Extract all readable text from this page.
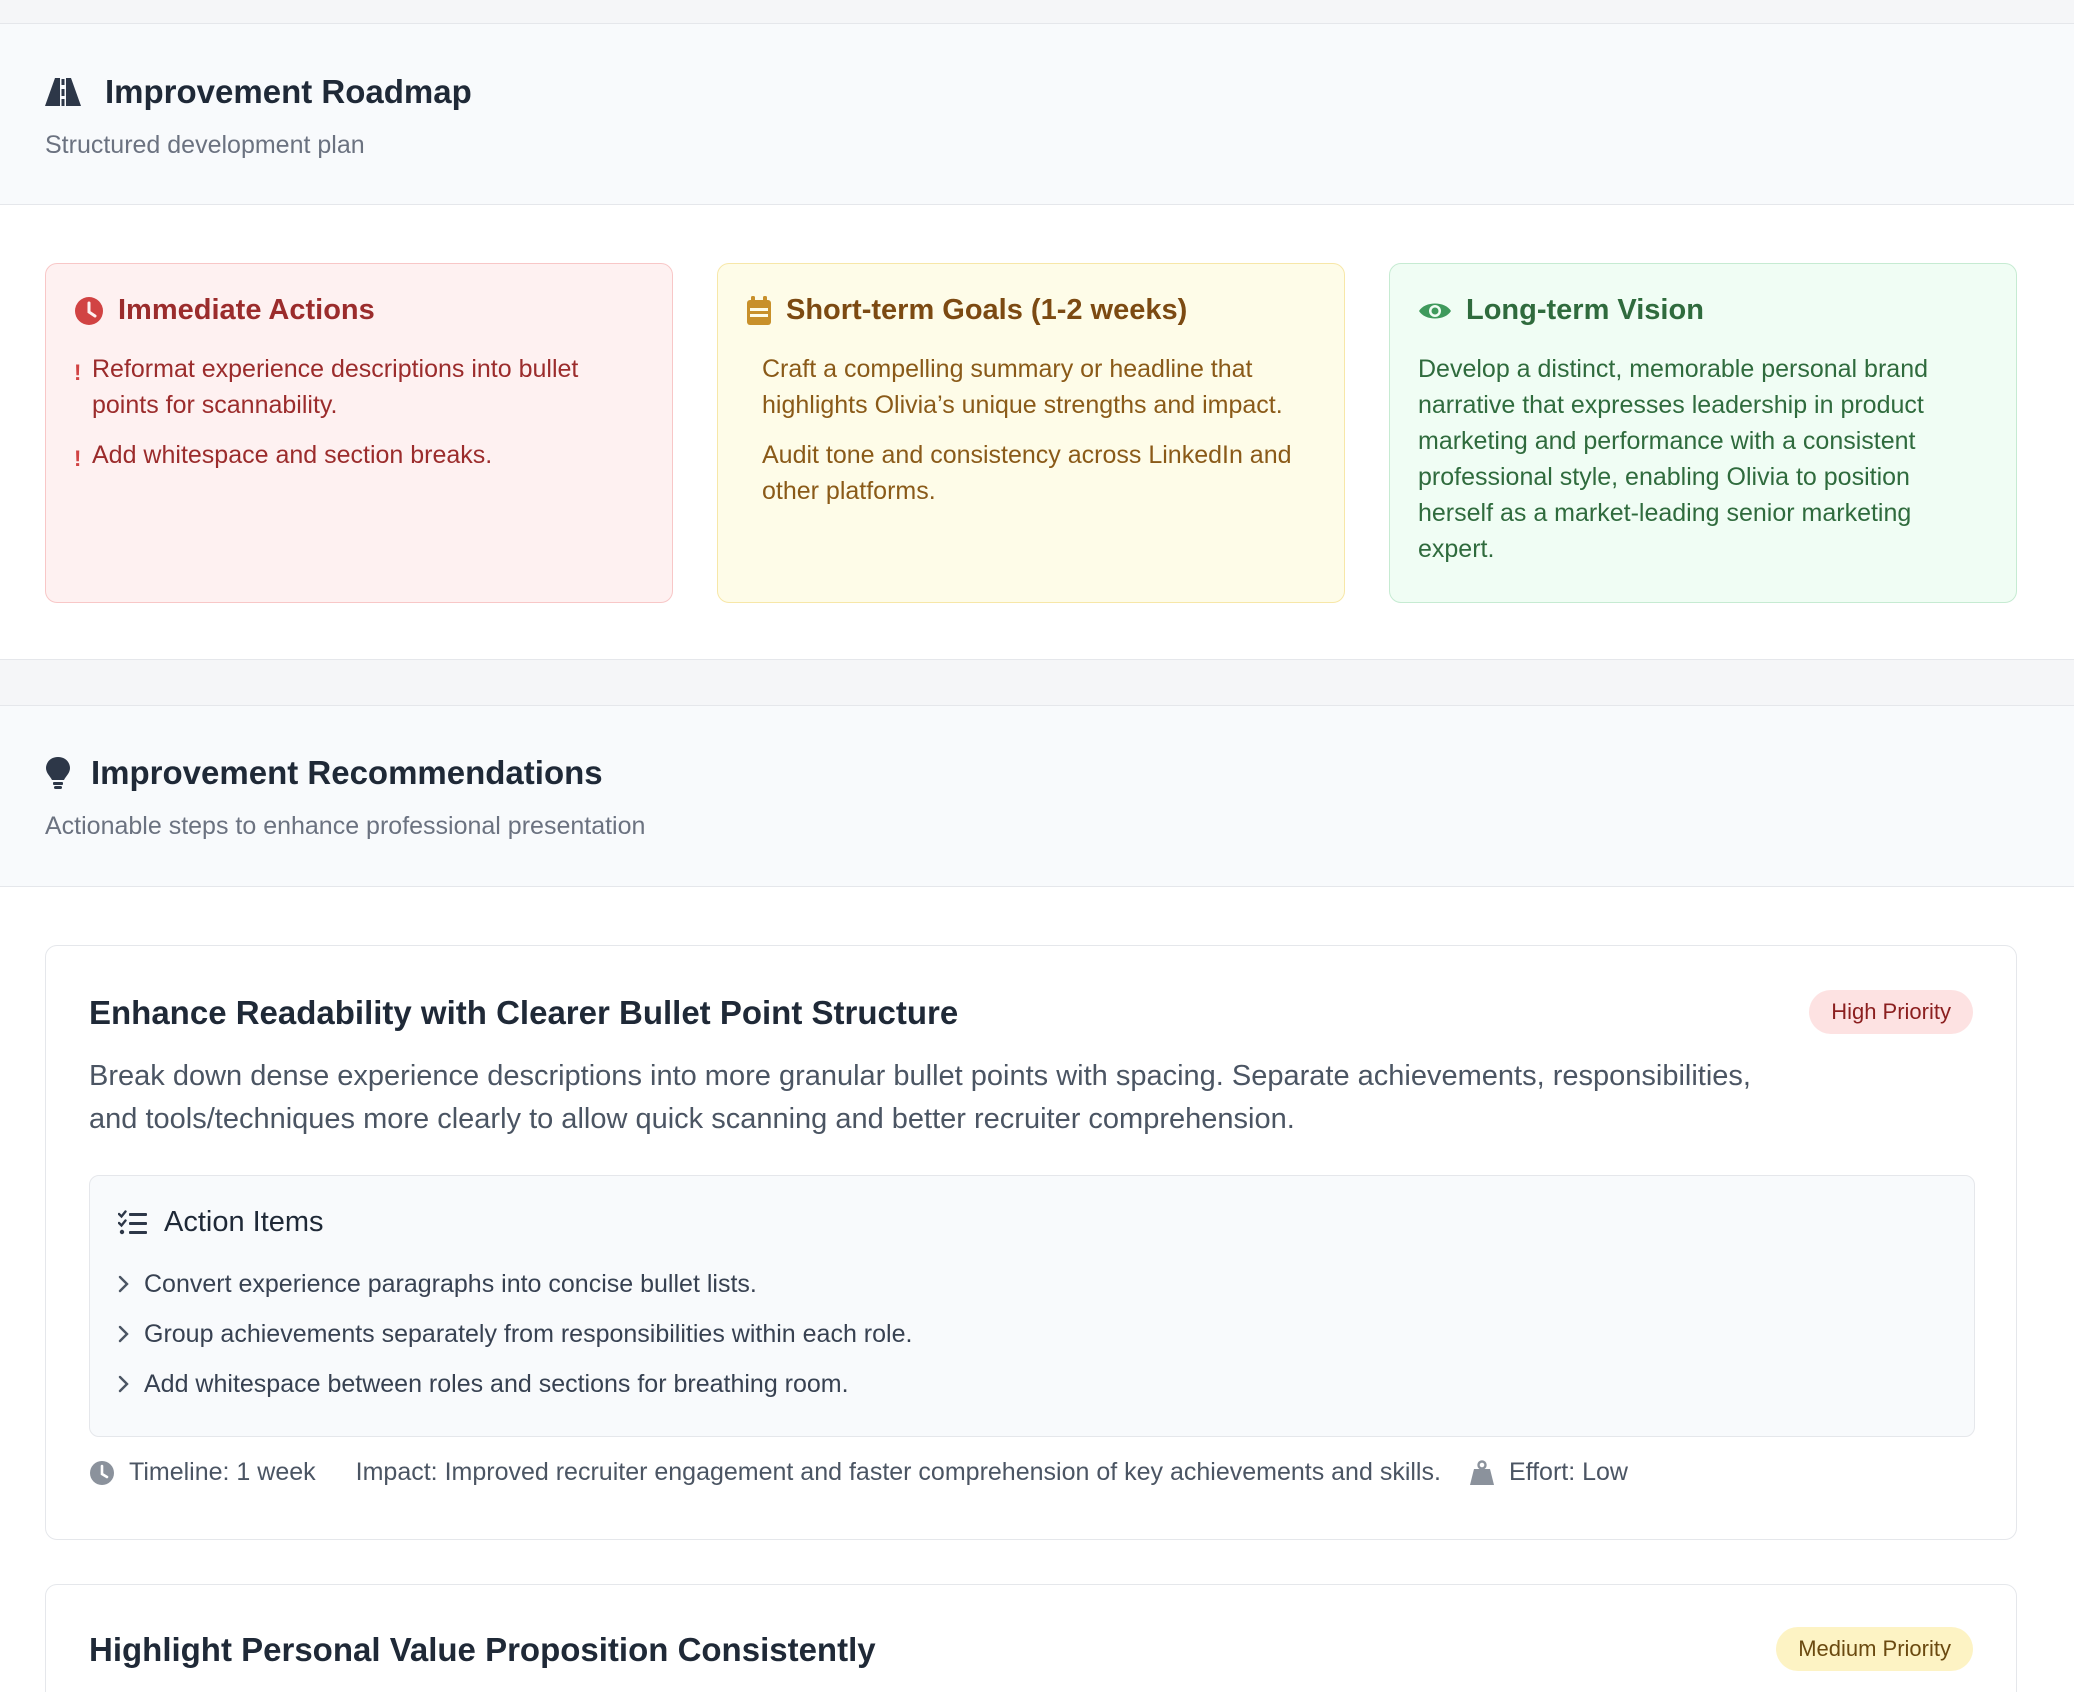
Improvement Roadmap
Structured development plan
Immediate Actions
! Reformat experience descriptions into bullet points for scannability.
! Add whitespace and section breaks.
Short-term Goals (1-2 weeks)
Craft a compelling summary or headline that highlights Olivia’s unique strengths and impact.
Audit tone and consistency across LinkedIn and other platforms.
Long-term Vision

Develop a distinct, memorable personal brand narrative that expresses leadership in product marketing and performance with a consistent professional style, enabling Olivia to position herself as a market-leading senior marketing expert.

Improvement Recommendations
Actionable steps to enhance professional presentation
Enhance Readability with Clearer Bullet Point Structure	High Priority
Break down dense experience descriptions into more granular bullet points with spacing. Separate achievements, responsibilities, and tools/techniques more clearly to allow quick scanning and better recruiter comprehension.
Action Items
Convert experience paragraphs into concise bullet lists.
Group achievements separately from responsibilities within each role.
Add whitespace between roles and sections for breathing room.
Timeline: 1 week Impact: Improved recruiter engagement and faster comprehension of key achievements and skills.	Effort: Low
Highlight Personal Value Proposition Consistently	Medium Priority
